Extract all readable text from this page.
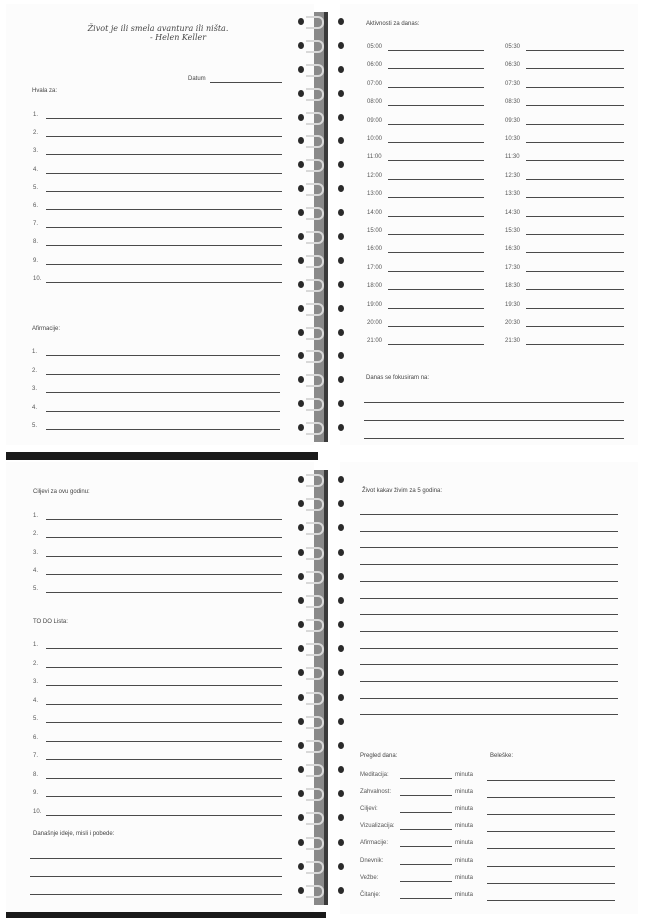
Život je ili smela avantura ili ništa.
- Helen Keller
Datum
Hvala za:
1.
2.
3.
4.
5.
6.
7.
8.
9.
10.
Afirmacije:
1.
2.
3.
4.
5.
Aktivnosti za danas:
05:00	05:30
06:00	06:30
07:00	07:30
08:00	08:30
09:00	09:30
10:00	10:30
11:00	11:30
12:00	12:30
13:00	13:30
14:00	14:30
15:00	15:30
16:00	16:30
17:00	17:30
18:00	18:30
19:00	19:30
20:00	20:30
21:00	21:30
Danas se fokusiram na:
Ciljevi za ovu godinu:
1.
2.
3.
4.
5.
TO DO Lista:
1.
2.
3.
4.
5.
6.
7.
8.
9.
10.
Današnje ideje, misli i pobede:
Život kakav živim za 5 godina:
Pregled dana:	Beleške:
Meditacija:	minuta
Zahvalnost:	minuta
Ciljevi:	minuta
Vizualizacija:	minuta
Afirmacije:	minuta
Dnevnik:	minuta
Vežbe:	minuta
Čitanje:	minuta
